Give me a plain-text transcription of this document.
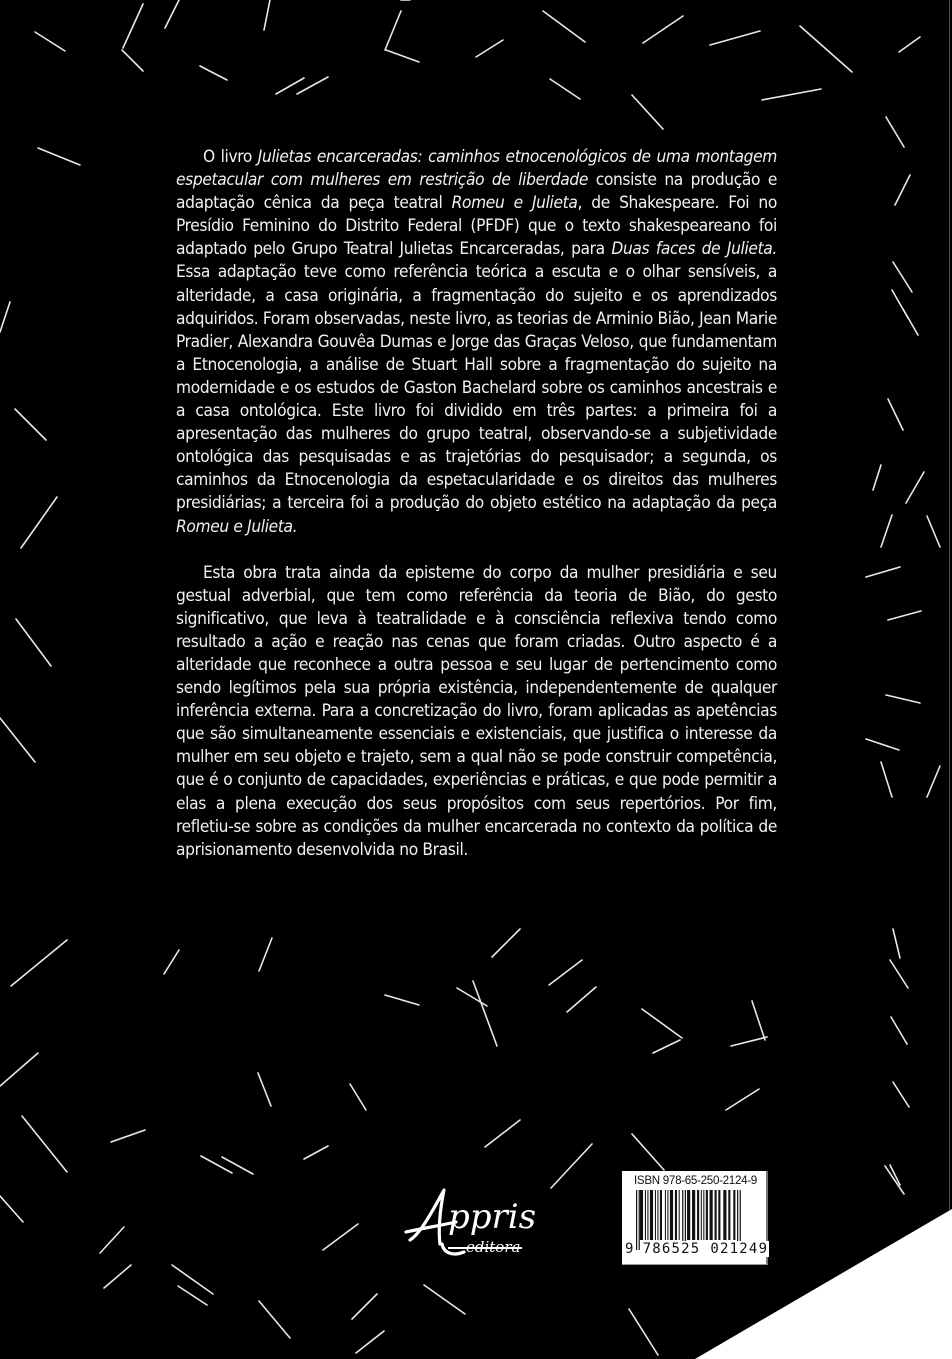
O livro Julietas encarceradas: caminhos etnocenológicos de uma montagem espetacular com mulheres em restrição de liberdade consiste na produção e adaptação cênica da peça teatral Romeu e Julieta, de Shakespeare. Foi no Presídio Feminino do Distrito Federal (PFDF) que o texto shakespeareano foi adaptado pelo Grupo Teatral Julietas Encarceradas, para Duas faces de Julieta. Essa adaptação teve como referência teórica a escuta e o olhar sensíveis, a alteridade, a casa originária, a fragmentação do sujeito e os aprendizados adquiridos. Foram observadas, neste livro, as teorias de Arminio Bião, Jean Marie Pradier, Alexandra Gouvêa Dumas e Jorge das Graças Veloso, que fundamentam a Etnocenologia, a análise de Stuart Hall sobre a fragmentação do sujeito na modernidade e os estudos de Gaston Bachelard sobre os caminhos ancestrais e a casa ontológica. Este livro foi dividido em três partes: a primeira foi a apresentação das mulheres do grupo teatral, observando-se a subjetividade ontológica das pesquisadas e as trajetórias do pesquisador; a segunda, os caminhos da Etnocenologia da espetacularidade e os direitos das mulheres presidiárias; a terceira foi a produção do objeto estético na adaptação da peça Romeu e Julieta.

Esta obra trata ainda da episteme do corpo da mulher presidiária e seu gestual adverbial, que tem como referência da teoria de Bião, do gesto significativo, que leva à teatralidade e à consciência reflexiva tendo como resultado a ação e reação nas cenas que foram criadas. Outro aspecto é a alteridade que reconhece a outra pessoa e seu lugar de pertencimento como sendo legítimos pela sua própria existência, independentemente de qualquer inferência externa. Para a concretização do livro, foram aplicadas as apetências que são simultaneamente essenciais e existenciais, que justifica o interesse da mulher em seu objeto e trajeto, sem a qual não se pode construir competência, que é o conjunto de capacidades, experiências e práticas, e que pode permitir a elas a plena execução dos seus propósitos com seus repertórios. Por fim, refletiu-se sobre as condições da mulher encarcerada no contexto da política de aprisionamento desenvolvida no Brasil.

ppris
editora
ISBN 978-65-250-2124-9
9 786525 021249
